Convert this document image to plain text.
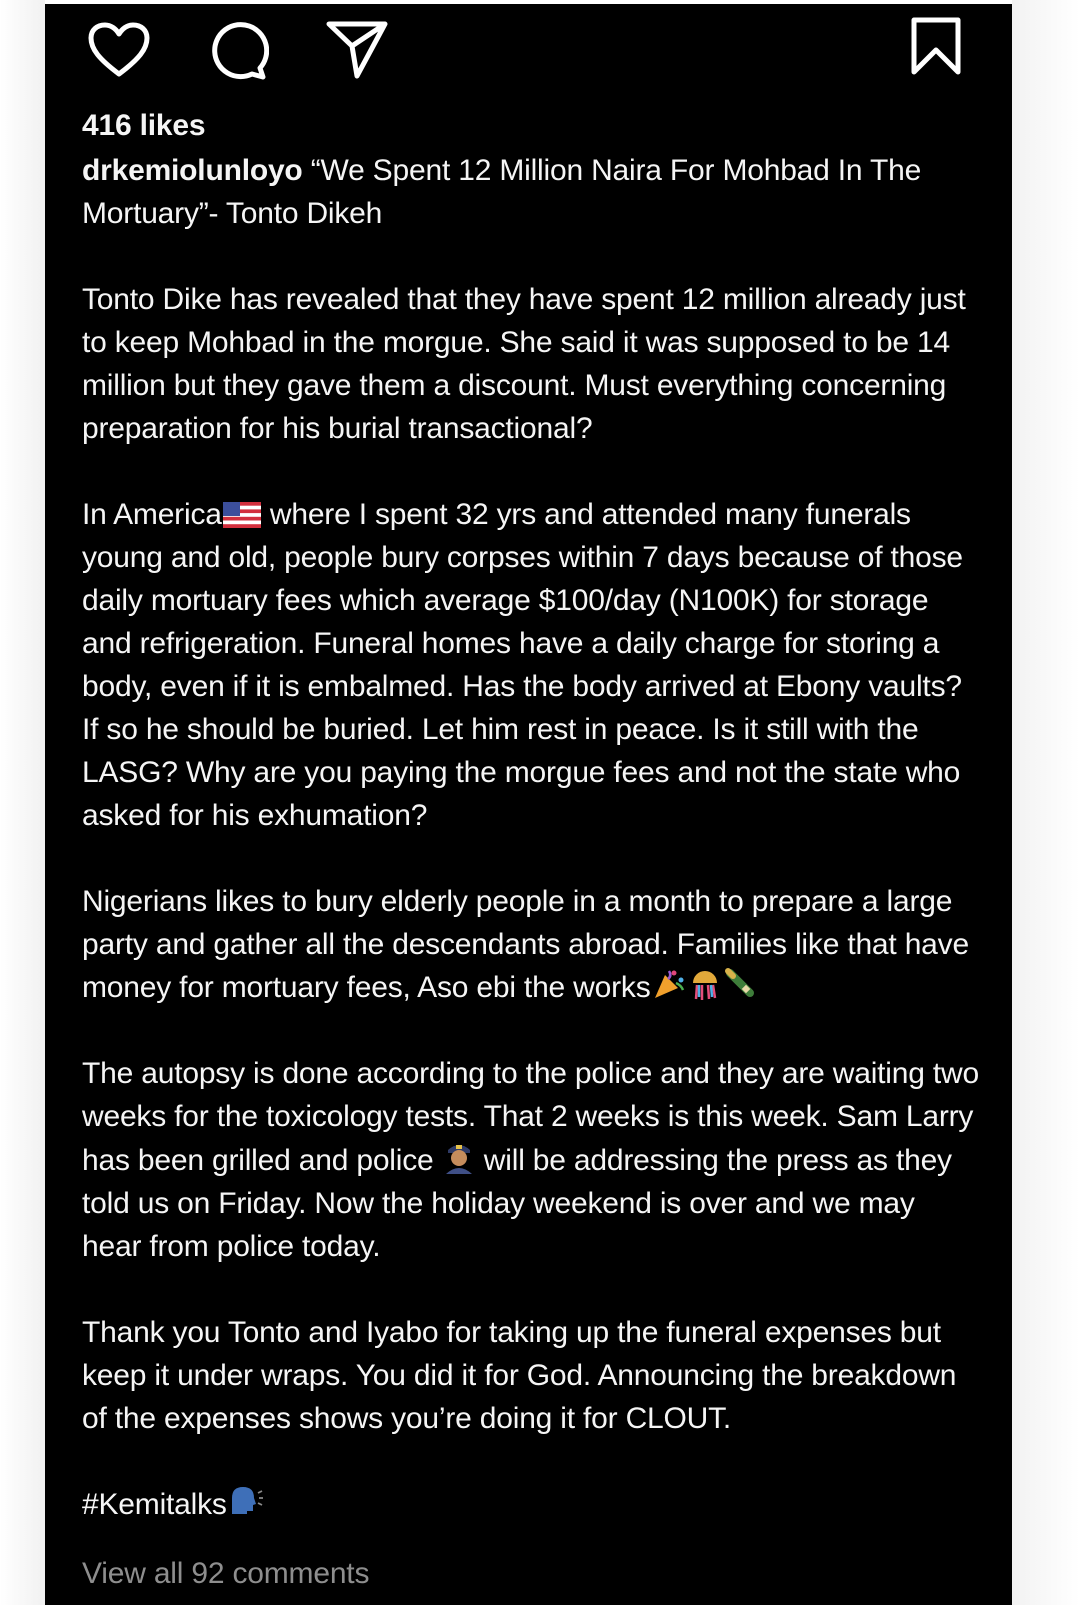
416 likes
drkemiolunloyo “We Spent 12 Million Naira For Mohbad In The Mortuary”- Tonto Dikeh
Tonto Dike has revealed that they have spent 12 million already just to keep Mohbad in the morgue. She said it was supposed to be 14 million but they gave them a discount. Must everything concerning preparation for his burial transactional?
In America
where I spent 32 yrs and attended many funerals young and old, people bury corpses within 7 days because of those daily mortuary fees which average $100/day (N100K) for storage and refrigeration. Funeral homes have a daily charge for storing a body, even if it is embalmed. Has the body arrived at Ebony vaults? If so he should be buried. Let him rest in peace. Is it still with the LASG? Why are you paying the morgue fees and not the state who asked for his exhumation?
Nigerians likes to bury elderly people in a month to prepare a large party and gather all the descendants abroad. Families like that have money for mortuary fees, Aso ebi the works
The autopsy is done according to the police and they are waiting two weeks for the toxicology tests. That 2 weeks is this week. Sam Larry has been grilled and police
will be addressing the press as they told us on Friday. Now the holiday weekend is over and we may hear from police today.
Thank you Tonto and Iyabo for taking up the funeral expenses but keep it under wraps. You did it for God. Announcing the breakdown of the expenses shows you’re doing it for CLOUT.
#Kemitalks
View all 92 comments
